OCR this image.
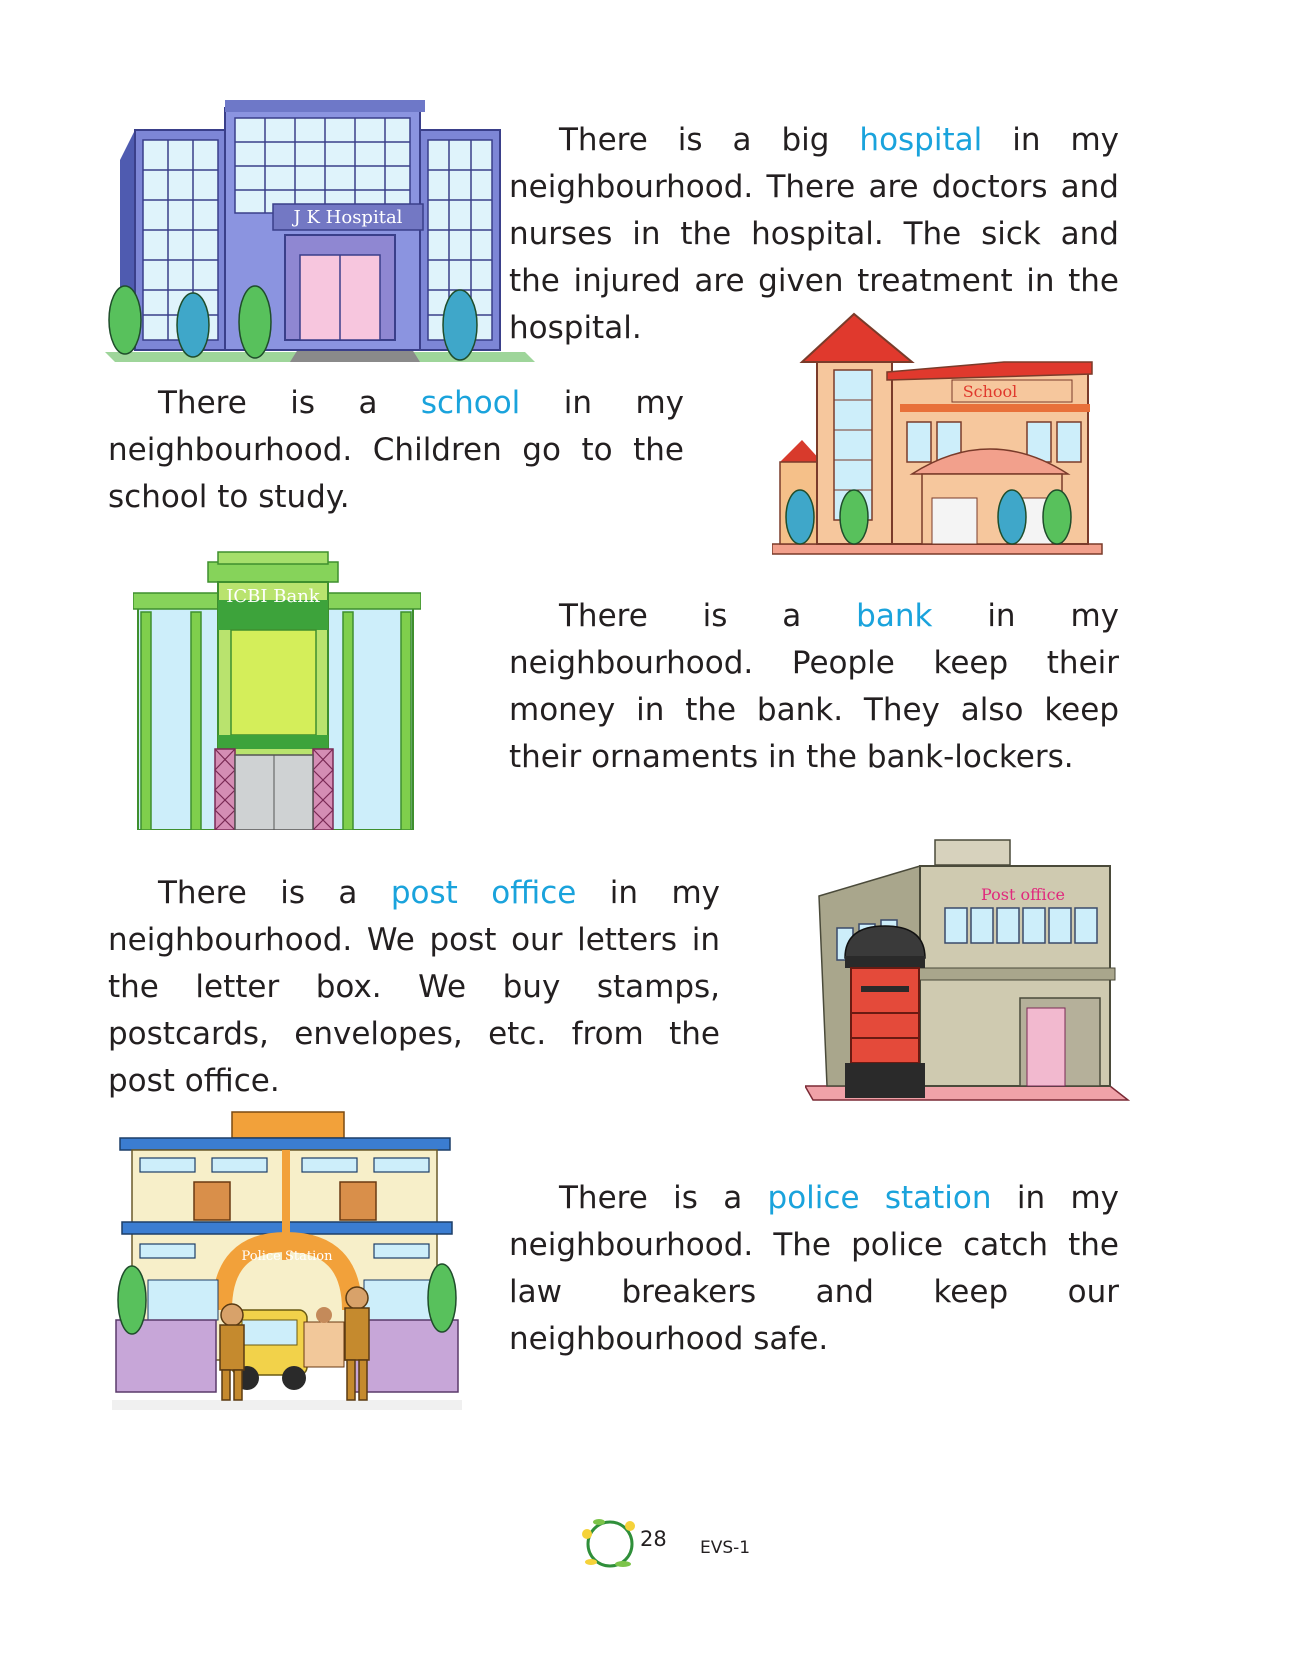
J K Hospital

There is a big hospital in my neighbourhood. There are doctors and nurses in the hospital. The sick and the injured are given treatment in the hospital.

There is a school in my neighbourhood. Children go to the school to study.

School
ICBI Bank

There is a bank in my neighbourhood. People keep their money in the bank. They also keep their ornaments in the bank-lockers.

There is a post office in my neighbourhood. We post our letters in the letter box. We buy stamps, postcards, envelopes, etc. from the post office.

Post office
Police Station

There is a police station in my neighbourhood. The police catch the law breakers and keep our neighbourhood safe.

28 EVS-1
